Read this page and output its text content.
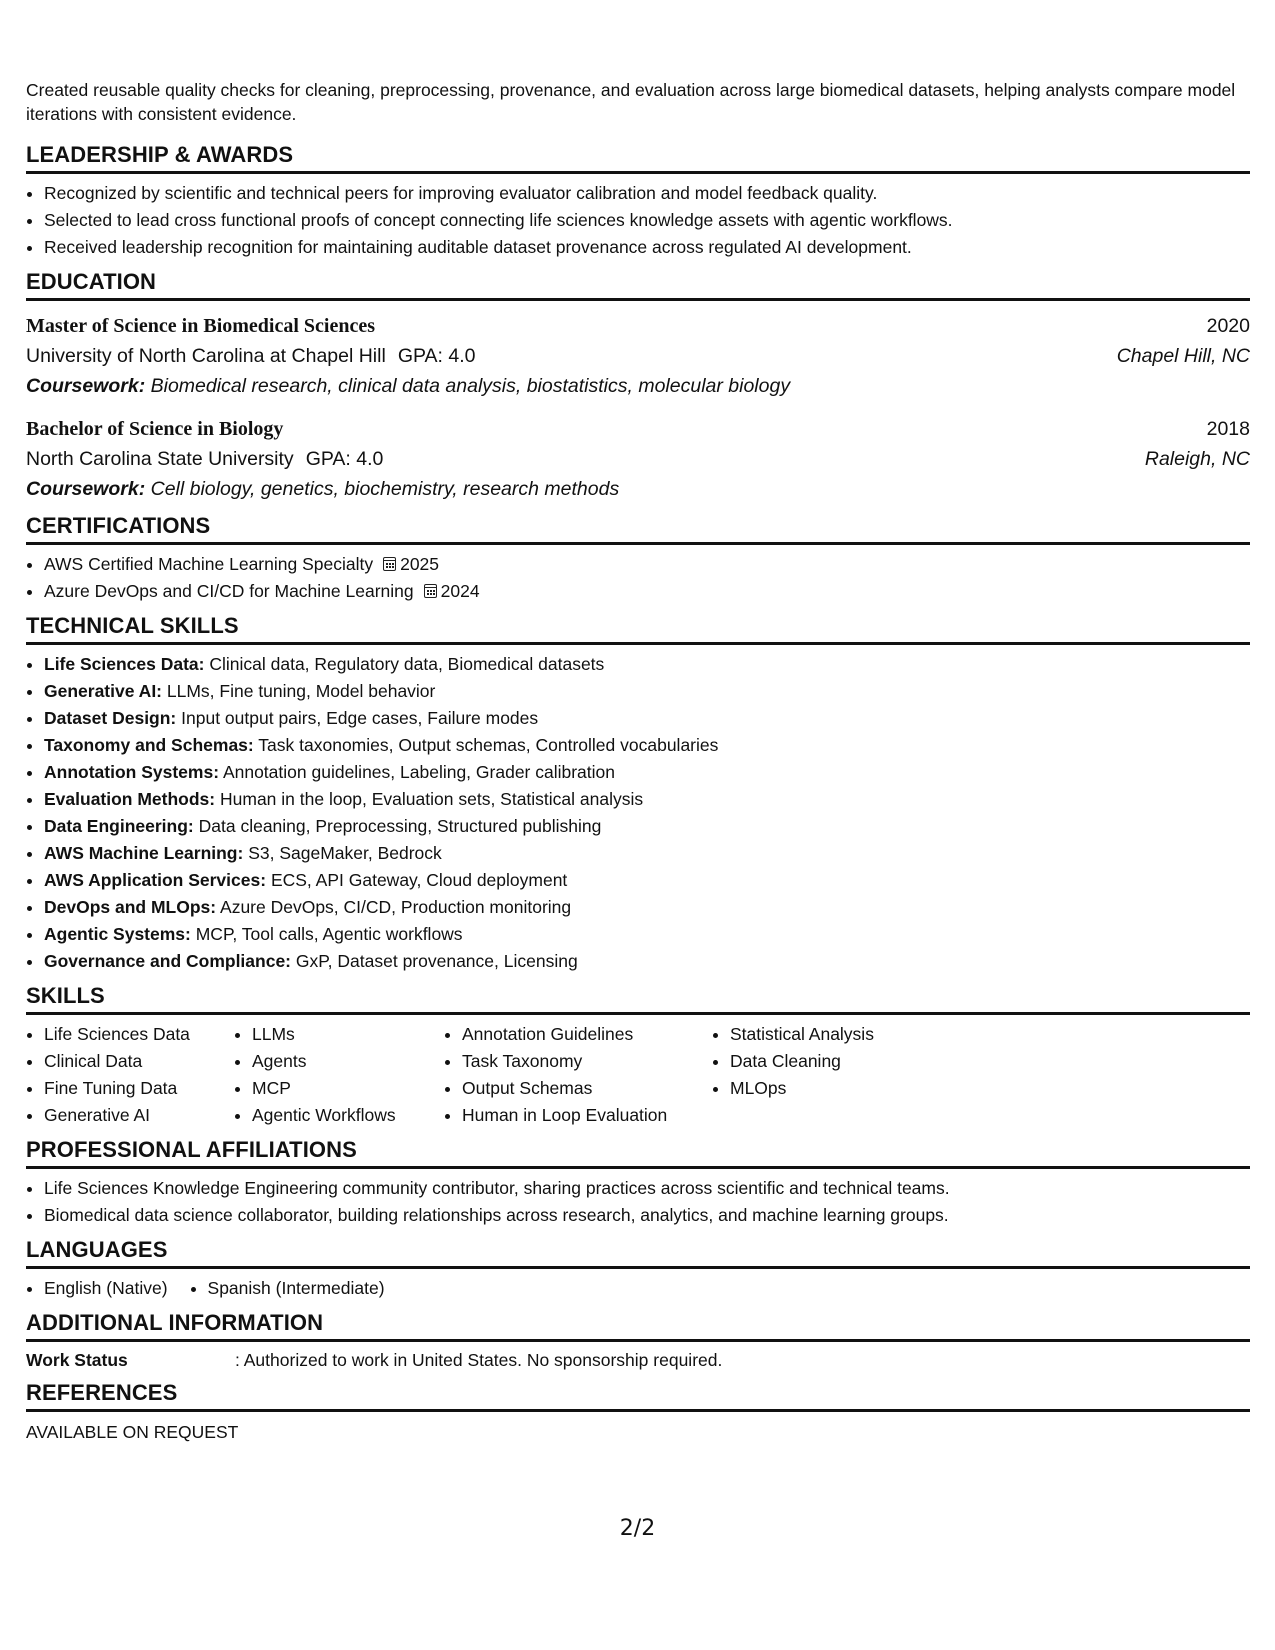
Created reusable quality checks for cleaning, preprocessing, provenance, and evaluation across large biomedical datasets, helping analysts compare model iterations with consistent evidence.

LEADERSHIP & AWARDS
• Recognized by scientific and technical peers for improving evaluator calibration and model feedback quality.
• Selected to lead cross functional proofs of concept connecting life sciences knowledge assets with agentic workflows.
• Received leadership recognition for maintaining auditable dataset provenance across regulated AI development.
EDUCATION
Master of Science in Biomedical Sciences	2020
University of North Carolina at Chapel Hill GPA: 4.0	Chapel Hill, NC
Coursework: Biomedical research, clinical data analysis, biostatistics, molecular biology
Bachelor of Science in Biology	2018
North Carolina State University GPA: 4.0	Raleigh, NC
Coursework: Cell biology, genetics, biochemistry, research methods
CERTIFICATIONS
• AWS Certified Machine Learning Specialty 2025
• Azure DevOps and CI/CD for Machine Learning 2024
TECHNICAL SKILLS
• Life Sciences Data: Clinical data, Regulatory data, Biomedical datasets
• Generative AI: LLMs, Fine tuning, Model behavior
• Dataset Design: Input output pairs, Edge cases, Failure modes
• Taxonomy and Schemas: Task taxonomies, Output schemas, Controlled vocabularies
• Annotation Systems: Annotation guidelines, Labeling, Grader calibration
• Evaluation Methods: Human in the loop, Evaluation sets, Statistical analysis
• Data Engineering: Data cleaning, Preprocessing, Structured publishing
• AWS Machine Learning: S3, SageMaker, Bedrock
• AWS Application Services: ECS, API Gateway, Cloud deployment
• DevOps and MLOps: Azure DevOps, CI/CD, Production monitoring
• Agentic Systems: MCP, Tool calls, Agentic workflows
• Governance and Compliance: GxP, Dataset provenance, Licensing
SKILLS
• Life Sciences Data
• Clinical Data
• Fine Tuning Data
• Generative AI
• LLMs
• Agents
• MCP
• Agentic Workflows
• Annotation Guidelines
• Task Taxonomy
• Output Schemas
• Human in Loop Evaluation
• Statistical Analysis
• Data Cleaning
• MLOps
PROFESSIONAL AFFILIATIONS
• Life Sciences Knowledge Engineering community contributor, sharing practices across scientific and technical teams.
• Biomedical data science collaborator, building relationships across research, analytics, and machine learning groups.
LANGUAGES
• English (Native)
• Spanish (Intermediate)
ADDITIONAL INFORMATION
Work Status	: Authorized to work in United States. No sponsorship required.
REFERENCES
AVAILABLE ON REQUEST
2/2
